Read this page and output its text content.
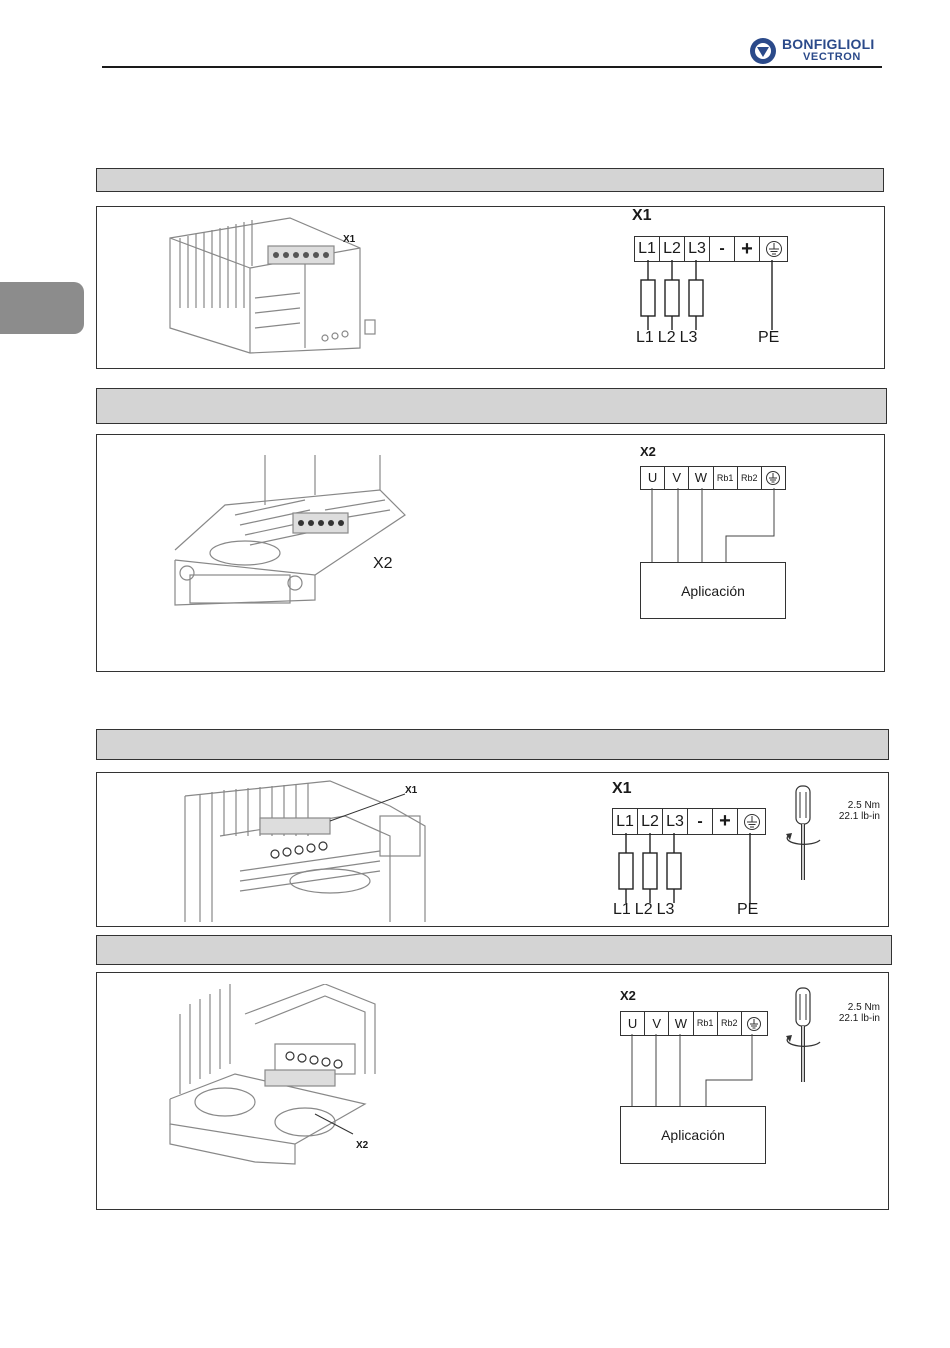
BONFIGLIOLI
VECTRON
X1
X1
L1 L2 L3 - +
L1 L2 L3	PE
X2
X2
U	V	W	Rb1 Rb2
Aplicación
X1	X1
L1 L2 L3 - +
L1 L2 L3	PE
2.5 Nm
22.1 lb-in
X2
X2
U	V	W	Rb1 Rb2
Aplicación
2.5 Nm
22.1 lb-in
